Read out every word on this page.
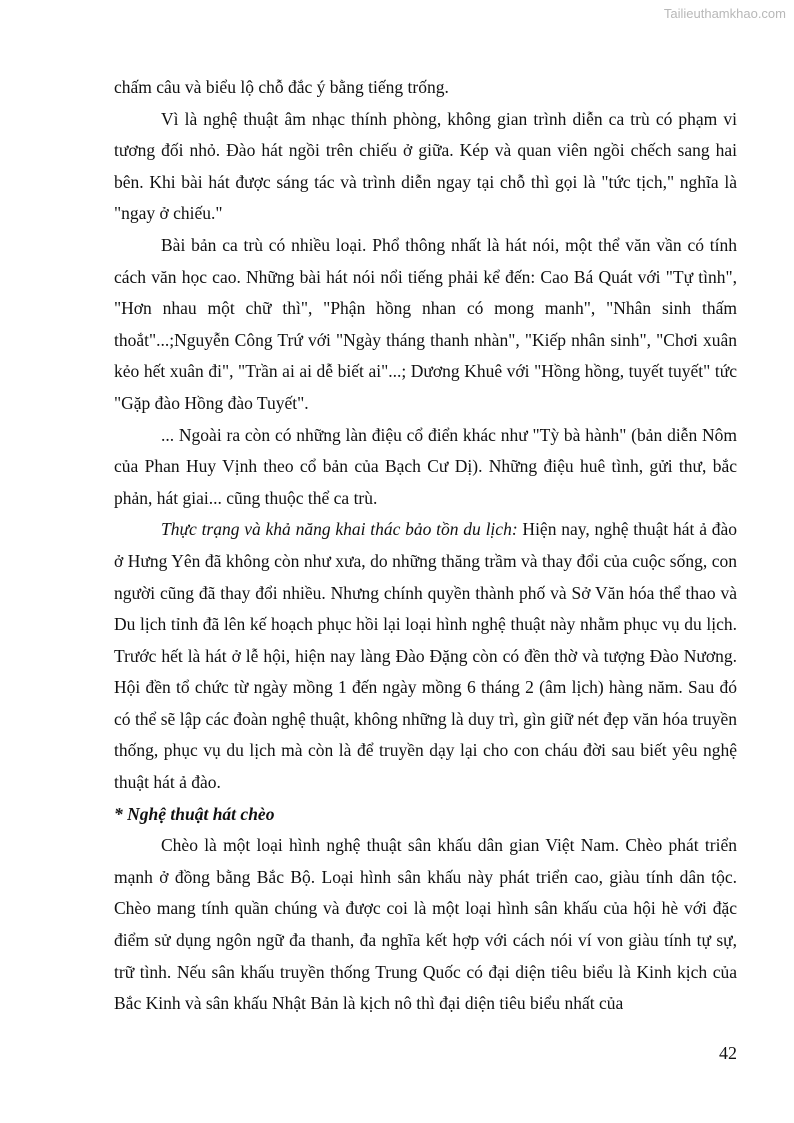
Tailieuthamkhao.com

chấm câu và biểu lộ chỗ đắc ý bằng tiếng trống.

Vì là nghệ thuật âm nhạc thính phòng, không gian trình diễn ca trù có phạm vi tương đối nhỏ. Đào hát ngồi trên chiếu ở giữa. Kép và quan viên ngồi chếch sang hai bên. Khi bài hát được sáng tác và trình diễn ngay tại chỗ thì gọi là "tức tịch," nghĩa là "ngay ở chiếu."

Bài bản ca trù có nhiều loại. Phổ thông nhất là hát nói, một thể văn vần có tính cách văn học cao. Những bài hát nói nổi tiếng phải kể đến: Cao Bá Quát với "Tự tình", "Hơn nhau một chữ thì", "Phận hồng nhan có mong manh", "Nhân sinh thấm thoắt"...;Nguyễn Công Trứ với "Ngày tháng thanh nhàn", "Kiếp nhân sinh", "Chơi xuân kẻo hết xuân đi", "Trần ai ai dễ biết ai"...; Dương Khuê với "Hồng hồng, tuyết tuyết" tức "Gặp đào Hồng đào Tuyết".

... Ngoài ra còn có những làn điệu cổ điển khác như "Tỳ bà hành" (bản diễn Nôm của Phan Huy Vịnh theo cổ bản của Bạch Cư Dị). Những điệu huê tình, gửi thư, bắc phản, hát giai... cũng thuộc thể ca trù.

Thực trạng và khả năng khai thác bảo tồn du lịch: Hiện nay, nghệ thuật hát ả đào ở Hưng Yên đã không còn như xưa, do những thăng trầm và thay đổi của cuộc sống, con người cũng đã thay đổi nhiều. Nhưng chính quyền thành phố và Sở Văn hóa thể thao và Du lịch tỉnh đã lên kế hoạch phục hồi lại loại hình nghệ thuật này nhằm phục vụ du lịch. Trước hết là hát ở lễ hội, hiện nay làng Đào Đặng còn có đền thờ và tượng Đào Nương. Hội đền tổ chức từ ngày mồng 1 đến ngày mồng 6 tháng 2 (âm lịch) hàng năm. Sau đó có thể sẽ lập các đoàn nghệ thuật, không những là duy trì, gìn giữ nét đẹp văn hóa truyền thống, phục vụ du lịch mà còn là để truyền dạy lại cho con cháu đời sau biết yêu nghệ thuật hát ả đào.

* Nghệ thuật hát chèo

Chèo là một loại hình nghệ thuật sân khấu dân gian Việt Nam. Chèo phát triển mạnh ở đồng bằng Bắc Bộ. Loại hình sân khấu này phát triển cao, giàu tính dân tộc. Chèo mang tính quần chúng và được coi là một loại hình sân khấu của hội hè với đặc điểm sử dụng ngôn ngữ đa thanh, đa nghĩa kết hợp với cách nói ví von giàu tính tự sự, trữ tình. Nếu sân khấu truyền thống Trung Quốc có đại diện tiêu biểu là Kinh kịch của Bắc Kinh và sân khấu Nhật Bản là kịch nô thì đại diện tiêu biểu nhất của

42
